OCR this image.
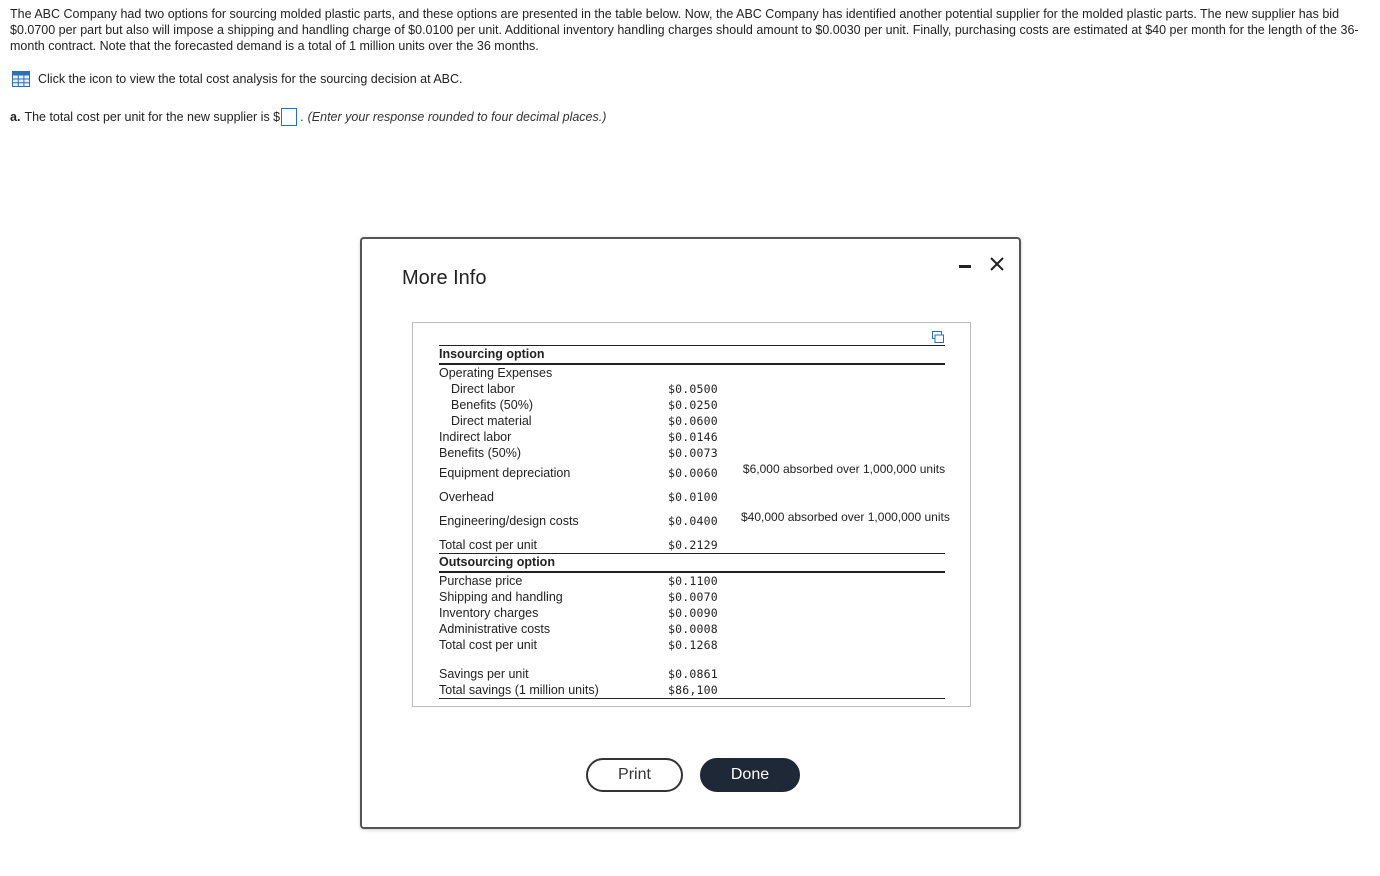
The ABC Company had two options for sourcing molded plastic parts, and these options are presented in the table below. Now, the ABC Company has identified another potential supplier for the molded plastic parts. The new supplier has bid $0.0700 per part but also will impose a shipping and handling charge of $0.0100 per unit. Additional inventory handling charges should amount to $0.0030 per unit. Finally, purchasing costs are estimated at $40 per month for the length of the 36-month contract. Note that the forecasted demand is a total of 1 million units over the 36 months.
Click the icon to view the total cost analysis for the sourcing decision at ABC.
a. The total cost per unit for the new supplier is $ . (Enter your response rounded to four decimal places.)
More Info
Insourcing option
Operating Expenses
Direct labor	$0.0500
Benefits (50%)	$0.0250
Direct material	$0.0600
Indirect labor	$0.0146
Benefits (50%)	$0.0073
Equipment depreciation	$0.0060 $6,000 absorbed over 1,000,000 units
Overhead	$0.0100
Engineering/design costs	$0.0400 $40,000 absorbed over 1,000,000 units
Total cost per unit	$0.2129
Outsourcing option
Purchase price	$0.1100
Shipping and handling	$0.0070
Inventory charges	$0.0090
Administrative costs	$0.0008
Total cost per unit	$0.1268
Savings per unit	$0.0861
Total savings (1 million units)	$86,100
Print	Done
